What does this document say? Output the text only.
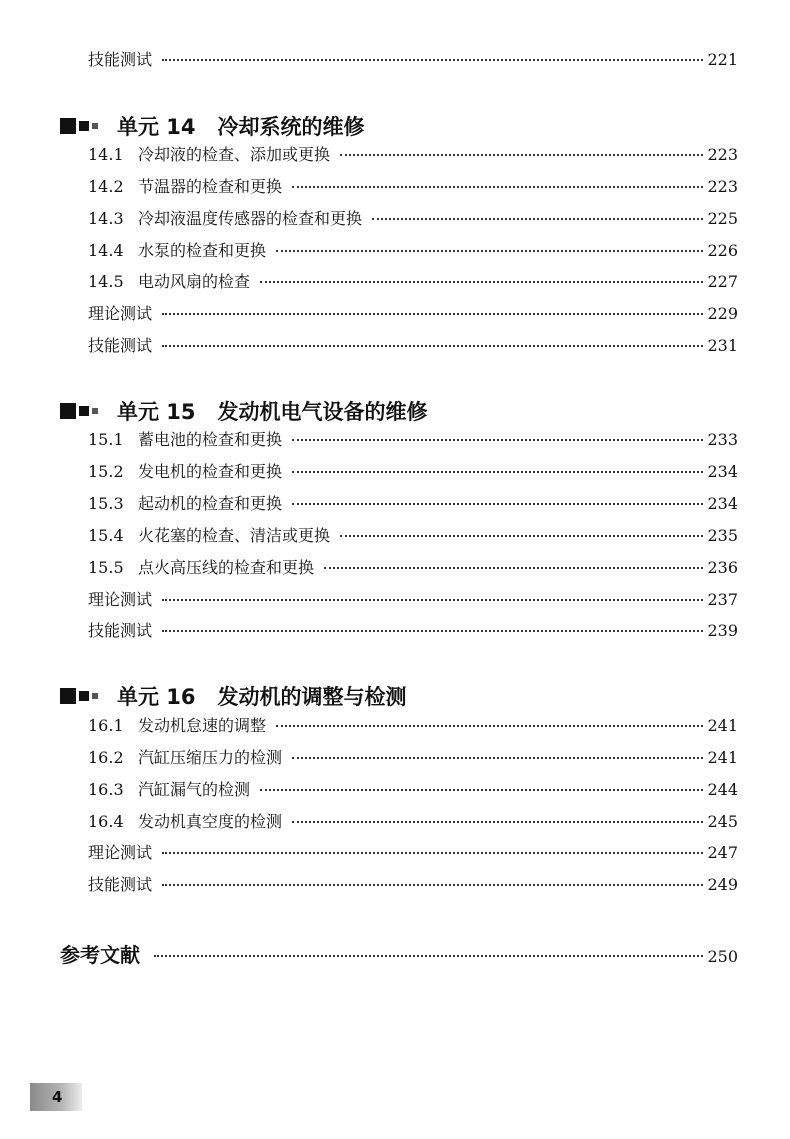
技能测试	221
单元 14 冷却系统的维修
14.1 冷却液的检查、添加或更换	223
14.2 节温器的检查和更换	223
14.3 冷却液温度传感器的检查和更换	225
14.4 水泵的检查和更换	226
14.5 电动风扇的检查	227
理论测试	229
技能测试	231
单元 15 发动机电气设备的维修
15.1 蓄电池的检查和更换	233
15.2 发电机的检查和更换	234
15.3 起动机的检查和更换	234
15.4 火花塞的检查、清洁或更换	235
15.5 点火高压线的检查和更换	236
理论测试	237
技能测试	239
单元 16 发动机的调整与检测
16.1 发动机怠速的调整	241
16.2 汽缸压缩压力的检测	241
16.3 汽缸漏气的检测	244
16.4 发动机真空度的检测	245
理论测试	247
技能测试	249
参考文献	250
4
